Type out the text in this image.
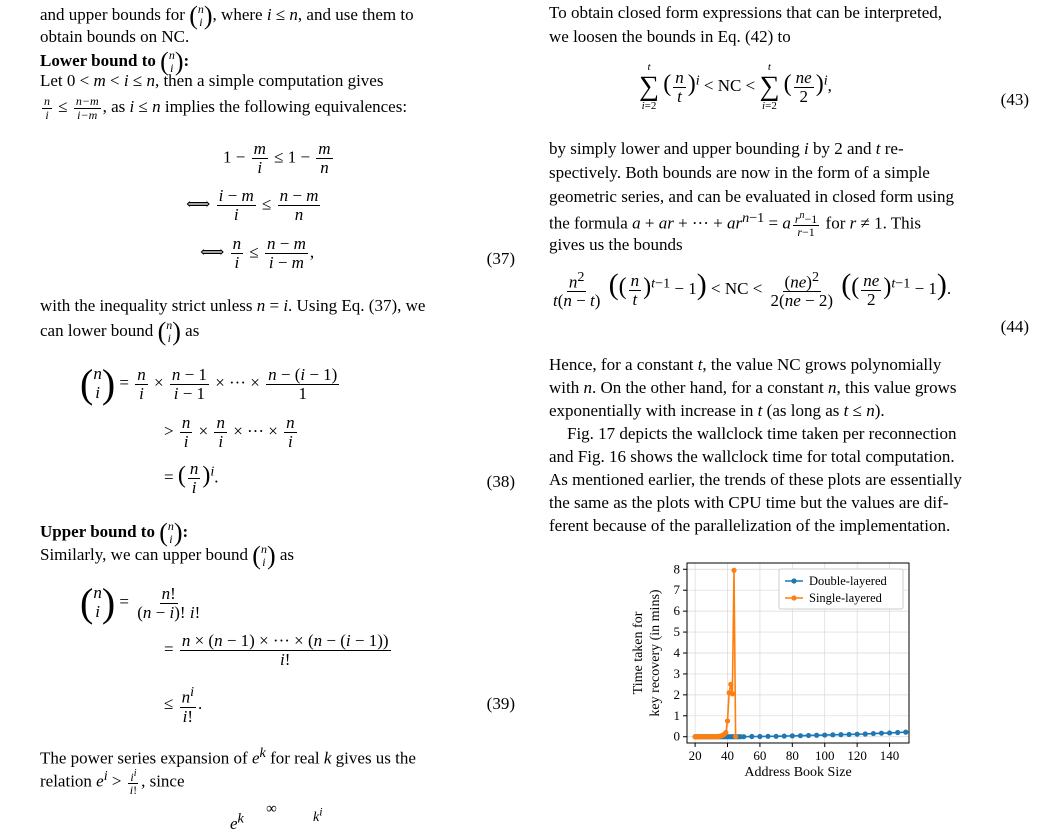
and upper bounds for ( n
i ) , where i ≤ n, and use them to
obtain bounds on NC.
Lower bound to ( n
i ) :
Let 0 < m < i ≤ n, then a simple computation gives
$\frac{n}{i} \le \frac{n-m}{i-m}$ , as i ≤ n implies the following equivalences:
$1 - \frac{m}{i} \le 1 - \frac{m}{n}$
⟺ $\frac{i - m}{i} \le \frac{n - m}{n}$
⟺ $\frac{n}{i} \le \frac{n - m}{i - m}$ ,	(37)
with the inequality strict unless n = i. Using Eq. (37), we
can lower bound ( n
i ) as
( n
i ) = $\frac{n}{i} \times \frac{n - 1}{i - 1}$ × ··· × $\frac{n - (i - 1)}{1}$
> $\frac{n}{i} \times \frac{n}{i}$ × ··· × $\frac{n}{i}$
= ( $\frac{n}{i} )^i$.	(38)
Upper bound to ( n
i ) :
Similarly, we can upper bound ( n
i ) as
( n
i ) = $\frac{n!}{(n - i)! i!}$
= $\frac{n \times (n - 1) \times \cdot\cdot\cdot \times (n - (i - 1))}{i!}$
≤ $\frac{n^i}{i!}$ .	(39)
The power series expansion of $e^k$ for real k gives us the
relation $e^i > \frac{i^i}{i!}$ , since
$e^k$ ∞ $k^i$
To obtain closed form expressions that can be interpreted,
we loosen the bounds in Eq. (42) to
t
∑
i=2
( $\frac{n}{t} )^i$ < NC <
t
∑
i=2
( $\frac{ne}{2} )^i$,
(43)
by simply lower and upper bounding i by 2 and t re-
spectively. Both bounds are now in the form of a simple
geometric series, and can be evaluated in closed form using
the formula a + ar + ··· + $ar^{n-1} = a \frac{r^n-1}{r-1}$ for r ≠ 1. This
gives us the bounds
$\frac{n^2}{t(n - t)}$ (( $\frac{n}{t} )^{t-1} - 1$) < NC < $\frac{(ne)^2}{2(ne - 2)}$ (( $\frac{ne}{2} )^{t-1} - 1$).
(44)
Hence, for a constant t, the value NC grows polynomially
with n. On the other hand, for a constant n, this value grows
exponentially with increase in t (as long as t ≤ n).
Fig. 17 depicts the wallclock time taken per reconnection
and Fig. 16 shows the wallclock time for total computation.
As mentioned earlier, the trends of these plots are essentially
the same as the plots with CPU time but the values are dif-
ferent because of the parallelization of the implementation.
20 40 60 80 100 120 140
0
1
2
3
4
5
6
7
8
Address Book Size
Time taken for key recovery (in mins)
Double-layered
Single-layered
